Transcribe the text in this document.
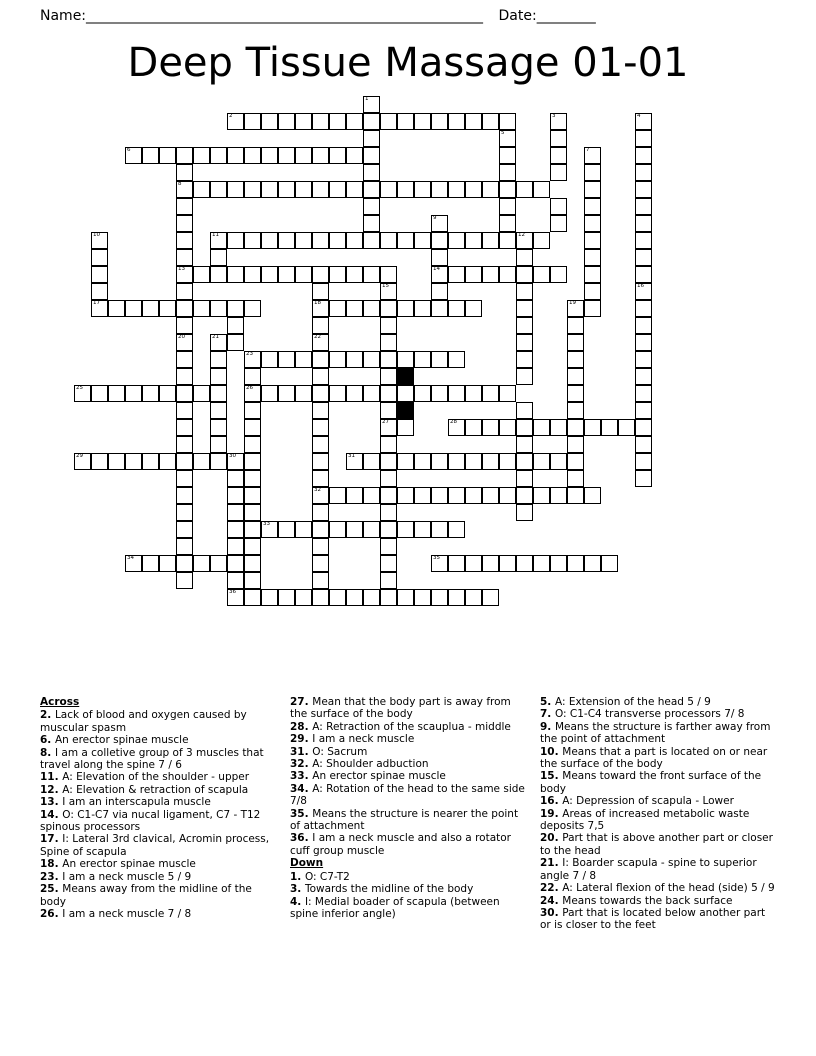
Name: _____________________________________________________________ Date: _________
Deep Tissue Massage 01-01
1
2	3	4
5
6	7
8
9
10	11	12
13	14
15	16
17	18	19
20	21	22
23
25	26
27	28
29	30	31
32
33
34	35
36
Across
2. Lack of blood and oxygen caused by muscular spasm
6. An erector spinae muscle
8. I am a colletive group of 3 muscles that travel along the spine 7 / 6
11. A: Elevation of the shoulder - upper
12. A: Elevation & retraction of scapula
13. I am an interscapula muscle
14. O: C1-C7 via nucal ligament, C7 - T12 spinous processors
17. I: Lateral 3rd clavical, Acromin process, Spine of scapula
18. An erector spinae muscle
23. I am a neck muscle 5 / 9
25. Means away from the midline of the body
26. I am a neck muscle 7 / 8
27. Mean that the body part is away from the surface of the body
28. A: Retraction of the scauplua - middle
29. I am a neck muscle
31. O: Sacrum
32. A: Shoulder adbuction
33. An erector spinae muscle
34. A: Rotation of the head to the same side 7/8
35. Means the structure is nearer the point of attachment
36. I am a neck muscle and also a rotator cuff group muscle
Down
1. O: C7-T2
3. Towards the midline of the body
4. I: Medial boader of scapula (between spine inferior angle)
5. A: Extension of the head 5 / 9
7. O: C1-C4 transverse processors 7/ 8
9. Means the structure is farther away from the point of attachment
10. Means that a part is located on or near the surface of the body
15. Means toward the front surface of the body
16. A: Depression of scapula - Lower
19. Areas of increased metabolic waste deposits 7,5
20. Part that is above another part or closer to the head
21. I: Boarder scapula - spine to superior angle 7 / 8
22. A: Lateral flexion of the head (side) 5 / 9
24. Means towards the back surface
30. Part that is located below another part or is closer to the feet
